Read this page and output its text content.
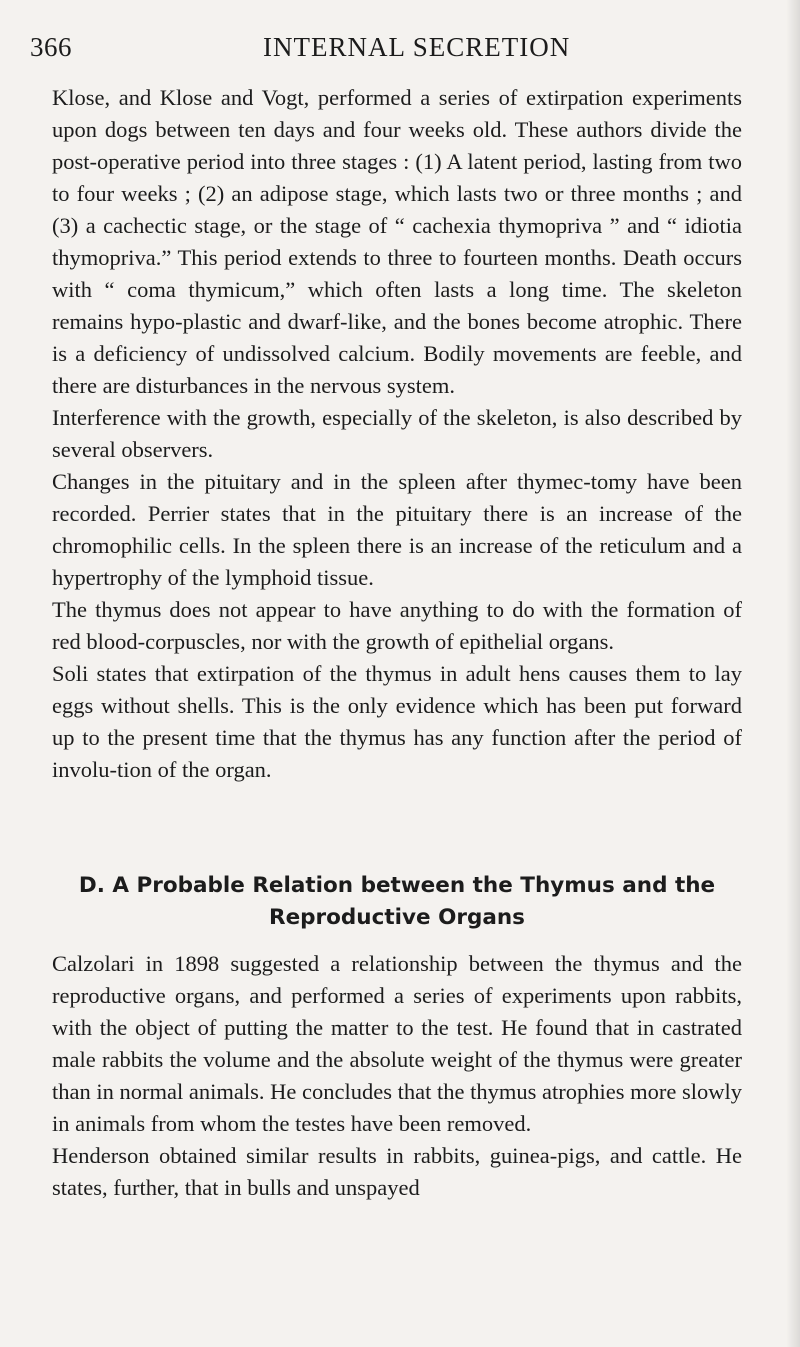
366	INTERNAL SECRETION

Klose, and Klose and Vogt, performed a series of extirpation experiments upon dogs between ten days and four weeks old. These authors divide the post-operative period into three stages : (1) A latent period, lasting from two to four weeks ; (2) an adipose stage, which lasts two or three months ; and (3) a cachectic stage, or the stage of “ cachexia thymopriva ” and “ idiotia thymopriva.” This period extends to three to fourteen months. Death occurs with “ coma thymicum,” which often lasts a long time. The skeleton remains hypo-plastic and dwarf-like, and the bones become atrophic. There is a deficiency of undissolved calcium. Bodily movements are feeble, and there are disturbances in the nervous system.

Interference with the growth, especially of the skeleton, is also described by several observers.

Changes in the pituitary and in the spleen after thymec-tomy have been recorded. Perrier states that in the pituitary there is an increase of the chromophilic cells. In the spleen there is an increase of the reticulum and a hypertrophy of the lymphoid tissue.

The thymus does not appear to have anything to do with the formation of red blood-corpuscles, nor with the growth of epithelial organs.

Soli states that extirpation of the thymus in adult hens causes them to lay eggs without shells. This is the only evidence which has been put forward up to the present time that the thymus has any function after the period of involu-tion of the organ.

D. A Probable Relation between the Thymus and the
Reproductive Organs

Calzolari in 1898 suggested a relationship between the thymus and the reproductive organs, and performed a series of experiments upon rabbits, with the object of putting the matter to the test. He found that in castrated male rabbits the volume and the absolute weight of the thymus were greater than in normal animals. He concludes that the thymus atrophies more slowly in animals from whom the testes have been removed.

Henderson obtained similar results in rabbits, guinea-pigs, and cattle. He states, further, that in bulls and unspayed
